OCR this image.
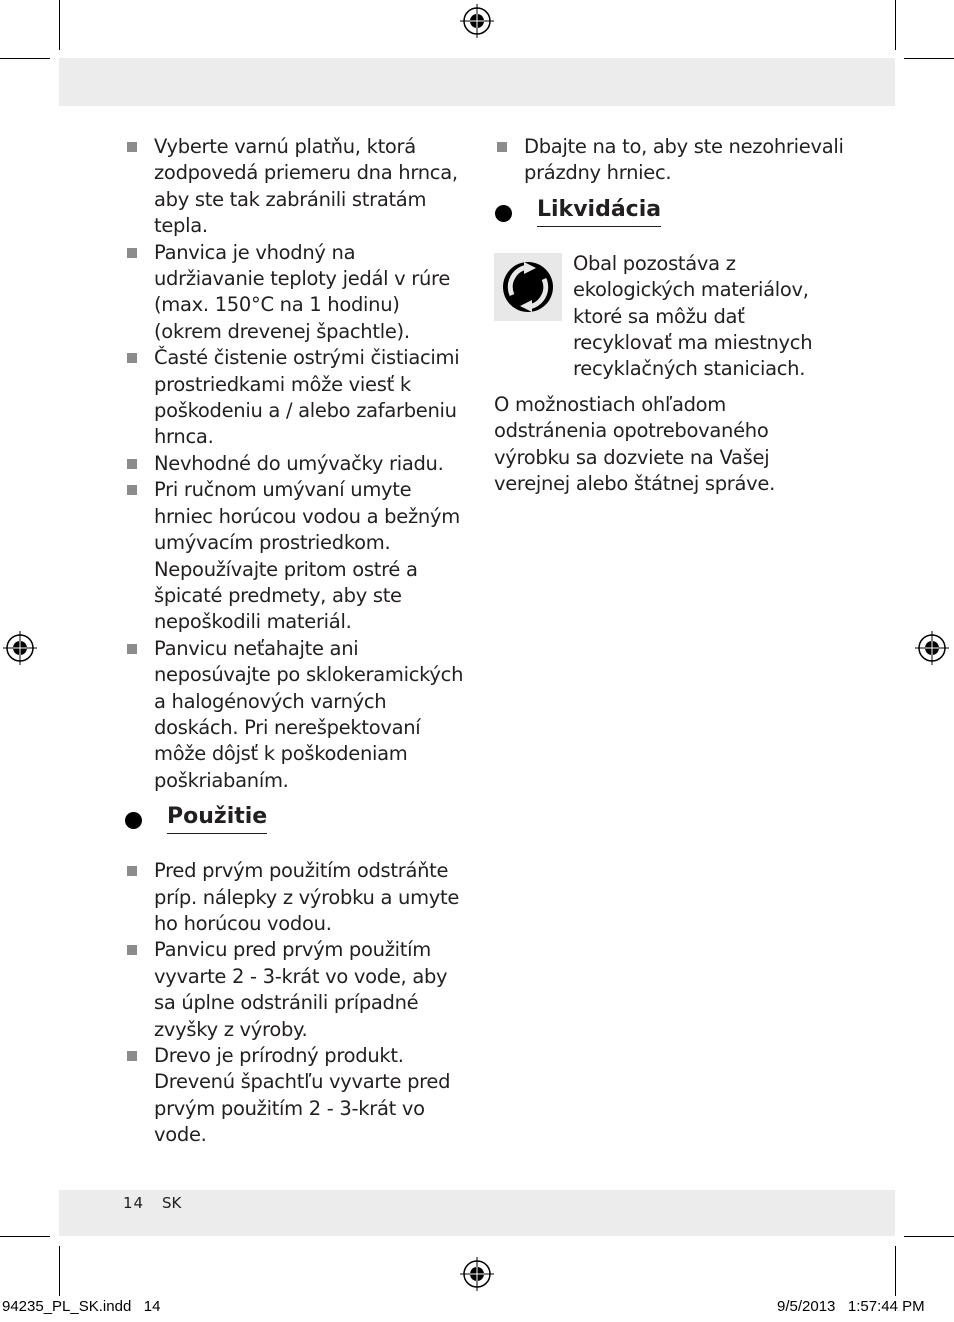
Vyberte varnú platňu, ktorá zodpovedá priemeru dna hrnca, aby ste tak zabránili stratám tepla.
Panvica je vhodný na udržiavanie teploty jedál v rúre (max. 150°C na 1 hodinu) (okrem drevenej špachtle).
Časté čistenie ostrými čistiacimi prostriedkami môže viesť k poškodeniu a / alebo zafarbeniu hrnca.
Nevhodné do umývačky riadu.
Pri ručnom umývaní umyte hrniec horúcou vodou a bežným umývacím prostriedkom. Nepoužívajte pritom ostré a špicaté predmety, aby ste nepoškodili materiál.
Panvicu neťahajte ani neposúvajte po sklokeramických a halogénových varných doskách. Pri nerešpektovaní môže dôjsť k poškodeniam poškriabaním.
Použitie
Pred prvým použitím odstráňte príp. nálepky z výrobku a umyte ho horúcou vodou.
Panvicu pred prvým použitím vyvarte 2 - 3-krát vo vode, aby sa úplne odstránili prípadné zvyšky z výroby.
Drevo je prírodný produkt. Drevenú špachtľu vyvarte pred prvým použitím 2 - 3-krát vo vode.
Dbajte na to, aby ste nezohrievali prázdny hrniec.
Likvidácia
Obal pozostáva z ekologických materiálov, ktoré sa môžu dať recyklovať ma miestnych recyklačných staniciach.
O možnostiach ohľadom odstránenia opotrebovaného výrobku sa dozviete na Vašej verejnej alebo štátnej správe.
14 SK
94235_PL_SK.indd   14	9/5/2013   1:57:44 PM
